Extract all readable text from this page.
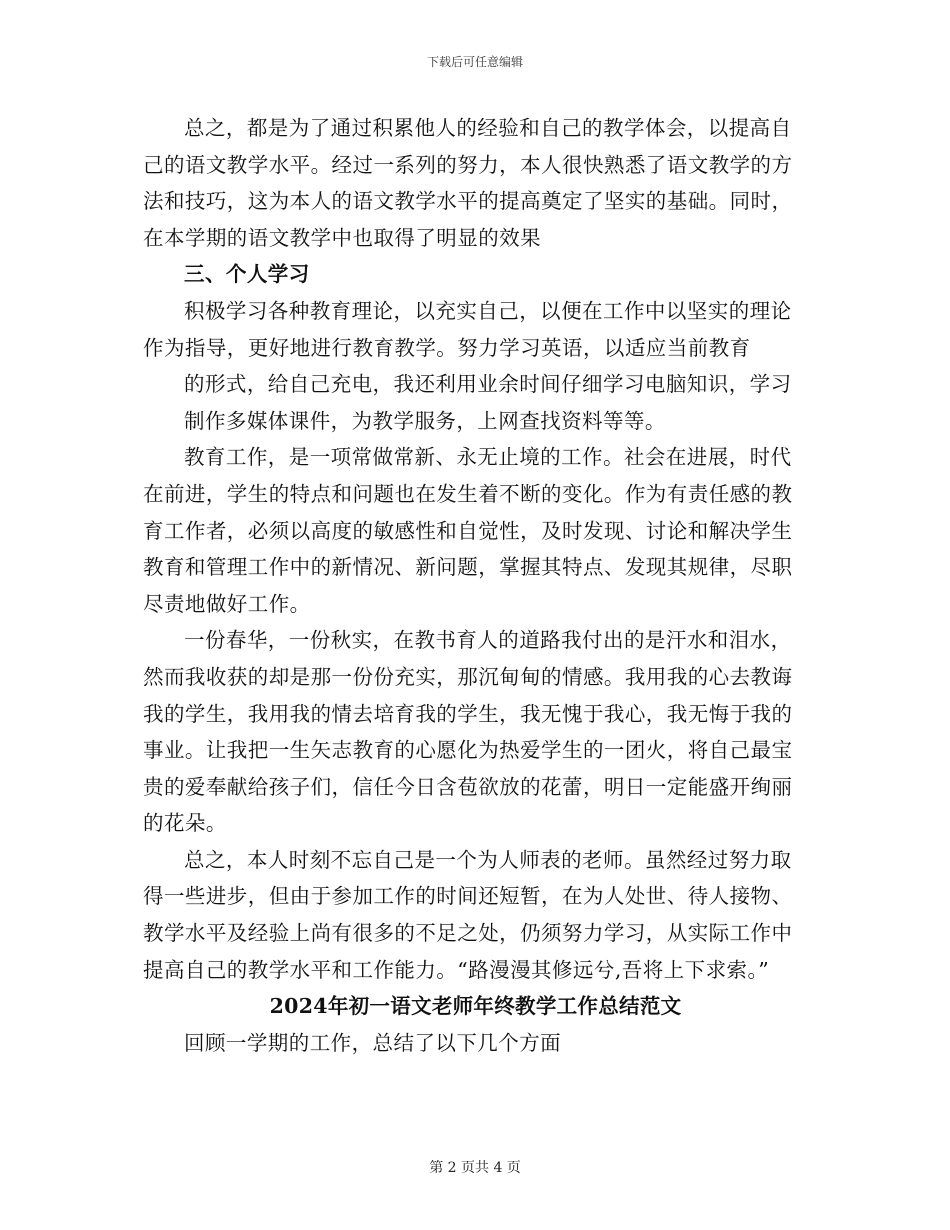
下载后可任意编辑

总之，都是为了通过积累他人的经验和自己的教学体会，以提高自己的语文教学水平。经过一系列的努力，本人很快熟悉了语文教学的方法和技巧，这为本人的语文教学水平的提高奠定了坚实的基础。同时，在本学期的语文教学中也取得了明显的效果

三、个人学习

积极学习各种教育理论，以充实自己，以便在工作中以坚实的理论作为指导，更好地进行教育教学。努力学习英语，以适应当前教育

的形式，给自己充电，我还利用业余时间仔细学习电脑知识，学习制作多媒体课件，为教学服务，上网查找资料等等。

教育工作，是一项常做常新、永无止境的工作。社会在进展，时代在前进，学生的特点和问题也在发生着不断的变化。作为有责任感的教育工作者，必须以高度的敏感性和自觉性，及时发现、讨论和解决学生教育和管理工作中的新情况、新问题，掌握其特点、发现其规律，尽职尽责地做好工作。

一份春华，一份秋实，在教书育人的道路我付出的是汗水和泪水，然而我收获的却是那一份份充实，那沉甸甸的情感。我用我的心去教诲我的学生，我用我的情去培育我的学生，我无愧于我心，我无悔于我的事业。让我把一生矢志教育的心愿化为热爱学生的一团火，将自己最宝贵的爱奉献给孩子们，信任今日含苞欲放的花蕾，明日一定能盛开绚丽的花朵。

总之，本人时刻不忘自己是一个为人师表的老师。虽然经过努力取得一些进步，但由于参加工作的时间还短暂，在为人处世、待人接物、教学水平及经验上尚有很多的不足之处，仍须努力学习，从实际工作中提高自己的教学水平和工作能力。“路漫漫其修远兮,吾将上下求索。”

2024年初一语文老师年终教学工作总结范文

回顾一学期的工作，总结了以下几个方面

第 2 页共 4 页
